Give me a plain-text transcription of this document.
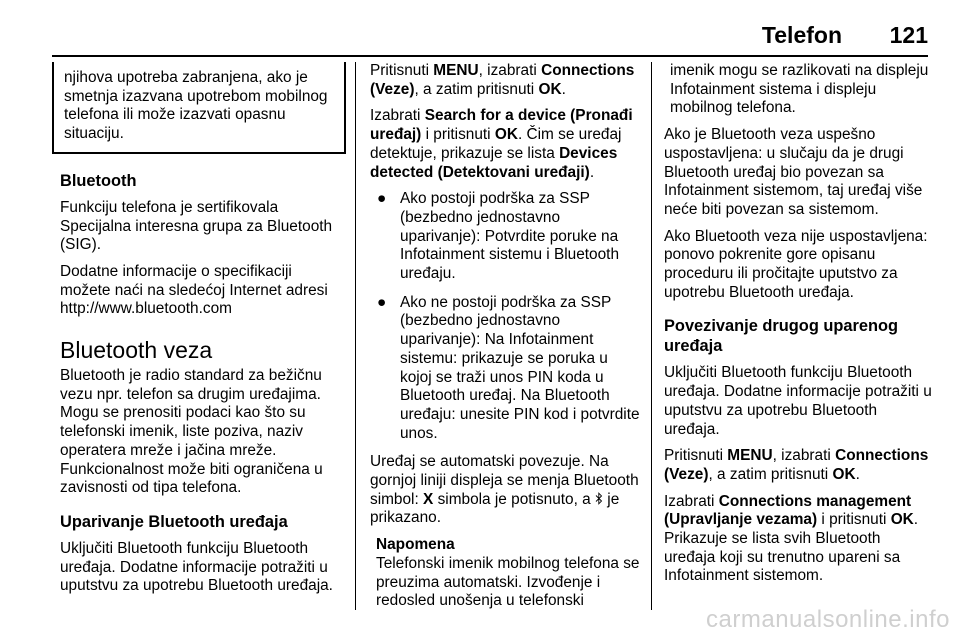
Telefon 121
njihova upotreba zabranjena, ako je smetnja izazvana upotrebom mobilnog telefona ili može izazvati opasnu situaciju.
Bluetooth

Funkciju telefona je sertifikovala Specijalna interesna grupa za Bluetooth (SIG).

Dodatne informacije o specifikaciji možete naći na sledećoj Internet adresi http://www.bluetooth.com

Bluetooth veza

Bluetooth je radio standard za bežičnu vezu npr. telefon sa drugim uređajima. Mogu se prenositi podaci kao što su telefonski imenik, liste poziva, naziv operatera mreže i jačina mreže. Funkcionalnost može biti ograničena u zavisnosti od tipa telefona.

Uparivanje Bluetooth uređaja

Uključiti Bluetooth funkciju Bluetooth uređaja. Dodatne informacije potražiti u uputstvu za upotrebu Bluetooth uređaja.

Pritisnuti MENU, izabrati Connections (Veze), a zatim pritisnuti OK.

Izabrati Search for a device (Pronađi uređaj) i pritisnuti OK. Čim se uređaj detektuje, prikazuje se lista Devices detected (Detektovani uređaji).

● Ako postoji podrška za SSP (bezbedno jednostavno uparivanje): Potvrdite poruke na Infotainment sistemu i Bluetooth uređaju.
● Ako ne postoji podrška za SSP (bezbedno jednostavno uparivanje): Na Infotainment sistemu: prikazuje se poruka u kojoj se traži unos PIN koda u Bluetooth uređaj. Na Bluetooth uređaju: unesite PIN kod i potvrdite unos.

Uređaj se automatski povezuje. Na gornjoj liniji displeja se menja Bluetooth simbol: X simbola je potisnuto, a  je prikazano.

Napomena
Telefonski imenik mobilnog telefona se preuzima automatski. Izvođenje i redosled unošenja u telefonski

imenik mogu se razlikovati na displeju Infotainment sistema i displeju mobilnog telefona.

Ako je Bluetooth veza uspešno uspostavljena: u slučaju da je drugi Bluetooth uređaj bio povezan sa Infotainment sistemom, taj uređaj više neće biti povezan sa sistemom.

Ako Bluetooth veza nije uspostavljena: ponovo pokrenite gore opisanu proceduru ili pročitajte uputstvo za upotrebu Bluetooth uređaja.

Povezivanje drugog uparenog uređaja

Uključiti Bluetooth funkciju Bluetooth uređaja. Dodatne informacije potražiti u uputstvu za upotrebu Bluetooth uređaja.

Pritisnuti MENU, izabrati Connections (Veze), a zatim pritisnuti OK.

Izabrati Connections management (Upravljanje vezama) i pritisnuti OK. Prikazuje se lista svih Bluetooth uređaja koji su trenutno upareni sa Infotainment sistemom.

carmanualsonline.info
